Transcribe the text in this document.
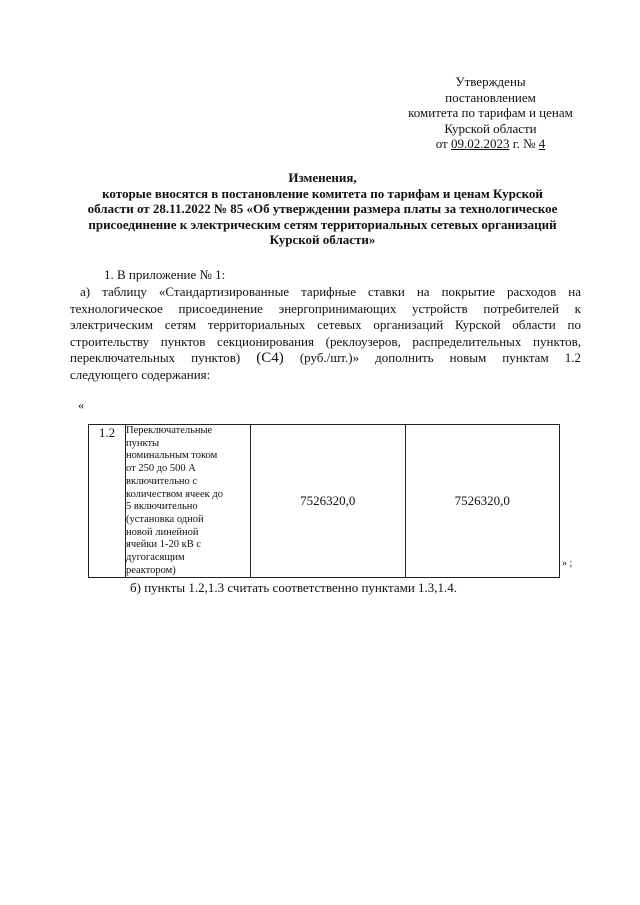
Утверждены
постановлением
комитета по тарифам и ценам
Курской области
от 09.02.2023 г. № 4
Изменения,
которые вносятся в постановление комитета по тарифам и ценам Курской
области от 28.11.2022 № 85 «Об утверждении размера платы за технологическое
присоединение к электрическим сетям территориальных сетевых организаций
Курской области»
1. В приложение № 1:
а) таблицу «Стандартизированные тарифные ставки на покрытие расходов на
технологическое присоединение энергопринимающих устройств потребителей к
электрическим сетям территориальных сетевых организаций Курской области по
строительству пунктов секционирования (реклоузеров, распределительных пунктов,
переключательных пунктов) (С4) (руб./шт.)» дополнить новым пунктам 1.2
следующего содержания:
«
1.2	Переключательные
пункты
номинальным током
от 250 до 500 А
включительно с
количеством ячеек до
5 включительно
(установка одной
новой линейной
ячейки 1-20 кВ с
дугогасящим
реактором)
	7526320,0	7526320,0
» ;
б) пункты 1.2,1.3 считать соответственно пунктами 1.3,1.4.
